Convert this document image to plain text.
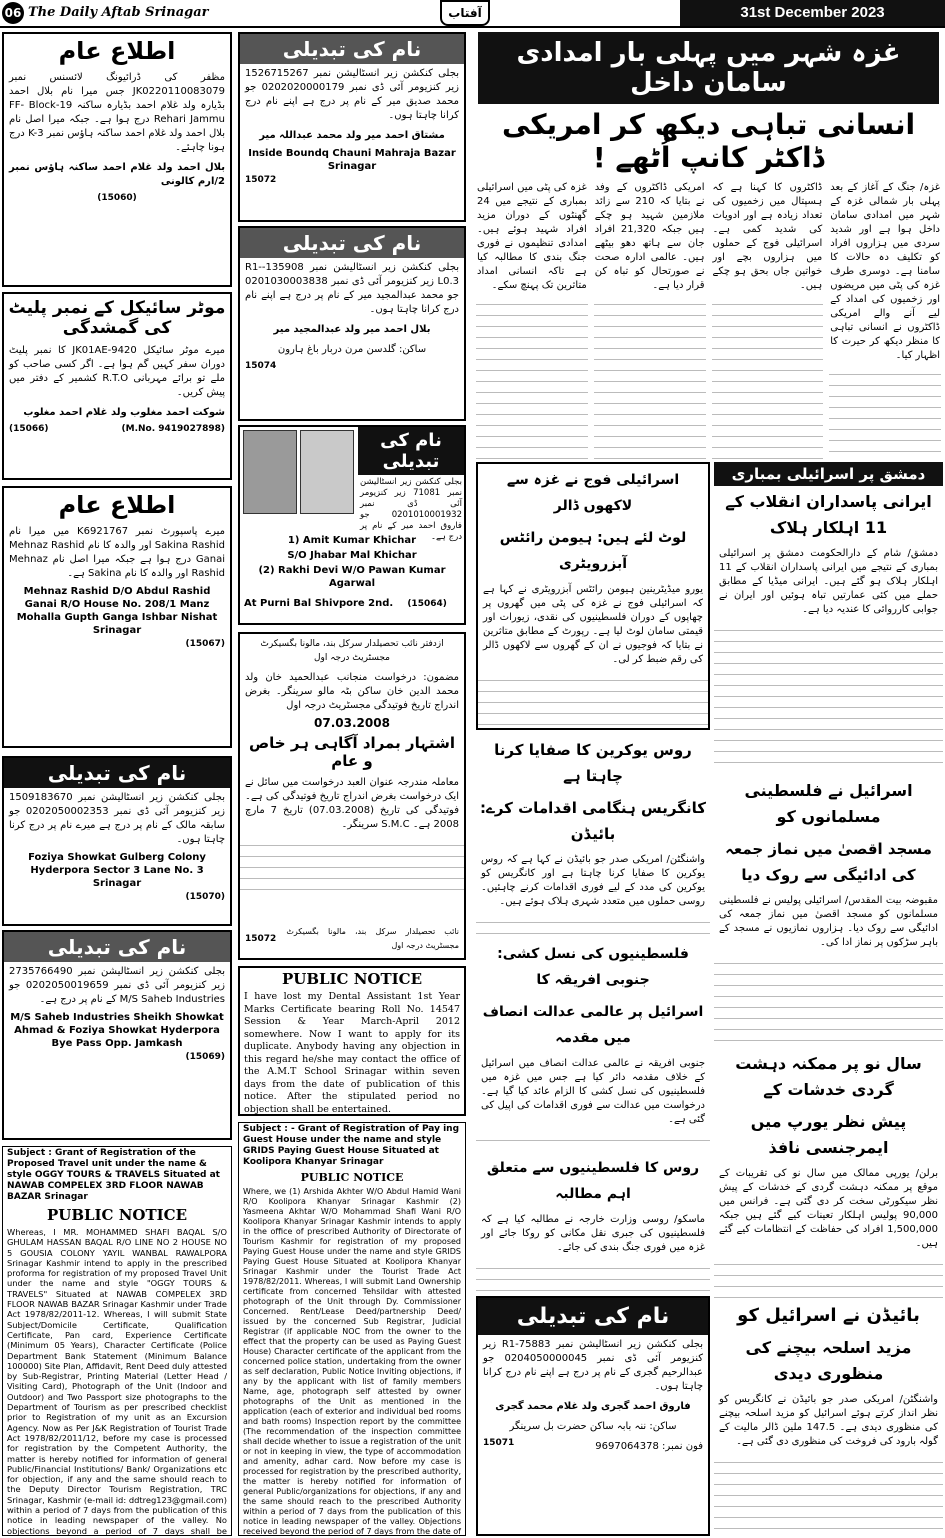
06 The Daily Aftab Srinagar	آفتاب	31st December 2023
اطلاع عام
مظفر کی ڈرائیونگ لائسنس نمبر JK0220110083079 جس میرا نام بلال احمد بڈیارہ ولد غلام احمد بڈیارہ ساکنہ 19-FF- Block Rehari Jammu درج ہوا ہے۔ جبکہ میرا اصل نام بلال احمد ولد غلام احمد ساکنہ ہاؤس نمبر K-3 درج ہونا چاہئے۔
بلال احمد ولد غلام احمد ساکنہ ہاؤس نمبر 2/ارم کالونی
(15060)
موٹر سائیکل کے نمبر پلیٹ کی گمشدگی
میرے موٹر سائیکل JK01AE-9420 کا نمبر پلیٹ دوران سفر کہیں گم ہوا ہے۔ اگر کسی صاحب کو ملے تو برائے مہربانی R.T.O کشمیر کے دفتر میں پیش کریں۔
شوکت احمد مغلوب ولد غلام احمد مغلوب
(15066)	(M.No. 9419027898)
اطلاع عام
میرے پاسپورٹ نمبر K6921767 میں میرا نام Sakina Rashid اور والدہ کا نام Mehnaz Rashid Ganai درج ہوا ہے جبکہ میرا اصل نام Mehnaz Rashid اور والدہ کا نام Sakina ہے۔
Mehnaz Rashid D/O Abdul Rashid Ganai R/O House No. 208/1 Manz Mohalla Gupth Ganga Ishbar Nishat Srinagar
(15067)
نام کی تبدیلی
بجلی کنکشن زیر انسٹالیشن نمبر 1509183670 زیر کنزیومر آئی ڈی نمبر 0202050002353 جو سابقہ مالک کے نام پر درج ہے میرے نام پر درج کرنا چاہتا ہوں۔
Foziya Showkat Gulberg Colony Hyderpora Sector 3 Lane No. 3 Srinagar
(15070)
نام کی تبدیلی
بجلی کنکشن زیر انسٹالیشن نمبر 2735766490 زیر کنزیومر آئی ڈی نمبر 0202050019659 جو M/S Saheb Industries کے نام پر درج ہے۔
M/S Saheb Industries Sheikh Showkat Ahmad & Foziya Showkat Hyderpora Bye Pass Opp. Jamkash
(15069)
Subject : Grant of Registration of the Proposed Travel unit under the name & style OGGY TOURS & TRAVELS Situated at NAWAB COMPELEX 3RD FLOOR NAWAB BAZAR Srinagar
PUBLIC NOTICE
Whereas, I MR. MOHAMMED SHAFI BAQAL S/O GHULAM HASSAN BAQAL R/O LINE NO 2 HOUSE NO 5 GOUSIA COLONY YAYIL WANBAL RAWALPORA Srinagar Kashmir intend to apply in the prescribed proforma for registration of my proposed Travel Unit under the name and style "OGGY TOURS & TRAVELS" Situated at NAWAB COMPELEX 3RD FLOOR NAWAB BAZAR Srinagar Kashmir under Trade Act 1978/82/2011-12. Whereas, I will submit State Subject/Domicile Certificate, Qualification Certificate, Pan card, Experience Certificate (Minimum 05 Years), Character Certificate (Police Department Bank Statement (Minimum Balance 100000) Site Plan, Affidavit, Rent Deed duly attested by Sub-Registrar, Printing Material (Letter Head / Visiting Card), Photograph of the Unit (Indoor and Outdoor) and Two Passport size photographs to the Department of Tourism as per prescribed checklist prior to Registration of my unit as an Excursion Agency. Now as Per J&K Registration of Tourist Trade Act 1978/82/2011/12, before my case is processed for registration by the Competent Authority, the matter is hereby notified for information of general Public/Financial Institutions/ Bank/ Organizations etc for objection, if any and the same should reach to the Deputy Director Tourism Registration, TRC Srinagar, Kashmir (e-mail id: ddtreg123@gmail.com) within a period of 7 days from the publication of this notice in leading newspaper of the valley. No objections beyond a period of 7 days shall be
نام کی تبدیلی
بجلی کنکشن زیر انسٹالیشن نمبر 1526715267 زیر کنزیومر آئی ڈی نمبر 0202020000179 جو محمد صدیق میر کے نام پر درج ہے اپنے نام درج کرانا چاہتا ہوں۔
مشتاق احمد میر ولد محمد عبداللہ میر
Inside Boundq Chauni Mahraja Bazar Srinagar
15072
نام کی تبدیلی
بجلی کنکشن زیر انسٹالیشن نمبر 135908-R1-L0.3 زیر کنزیومر آئی ڈی نمبر 0201030003838 جو محمد عبدالمجید میر کے نام پر درج ہے اپنے نام درج کرانا چاہتا ہوں۔
بلال احمد میر ولد عبدالمجید میر
ساکن: گلدسن مرن دربار باغ ہارون
15074
نام کی تبدیلی
بجلی کنکشن زیر انسٹالیشن نمبر 71081 زیر کنزیومر آئی ڈی نمبر 0201010001932 جو فاروق احمد میر کے نام پر درج ہے۔
1) Amit Kumar Khichar
S/O Jhabar Mal Khichar
(2) Rakhi Devi W/O Pawan Kumar Agarwal
At Purni Bal Shivpore 2nd. (15064)
ازدفتر نائب تحصیلدار سرکل بند، مالونا بگسیکرٹ مجسٹریٹ درجہ اول
مضمون: درخواست منجانب عبدالحمید خان ولد محمد الدین خان ساکن بٹہ مالو سرینگر۔ بغرض اندراج تاریخ فوتیدگی مجسٹریٹ درجہ اول
07.03.2008
اشتہار بمراد آگاہی ہر خاص و عام
معاملہ مندرجہ عنوان العبد درخواست میں سائل نے ایک درخواست بغرض اندراج تاریخ فوتیدگی کی ہے۔ فوتیدگی کی تاریخ (07.03.2008) تاریخ 7 مارچ 2008 ہے۔ S.M.C سرینگر۔
15072
نائب تحصیلدار سرکل بند، مالونا بگسیکرٹ مجسٹریٹ درجہ اول
PUBLIC NOTICE
I have lost my Dental Assistant 1st Year Marks Certificate bearing Roll No. 14547 Session & Year March-April 2012 somewhere. Now I want to apply for its duplicate. Anybody having any objection in this regard he/she may contact the office of the A.M.T School Srinagar within seven days from the date of publication of this notice. After the stipulated period no objection shall be entertained.
Subject : - Grant of Registration of Pay ing Guest House under the name and style GRIDS Paying Guest House Situated at Koolipora Khanyar Srinagar
PUBLIC NOTICE
Where, we (1) Arshida Akhter W/O Abdul Hamid Wani R/O Koolipora Khanyar Srinagar Kashmir (2) Yasmeena Akhtar W/O Mohammad Shafi Wani R/O Koolipora Khanyar Srinagar Kashmir intends to apply in the office of prescribed Authority of Directorate of Tourism Kashmir for registration of my proposed Paying Guest House under the name and style GRIDS Paying Guest House Situated at Koolipora Khanyar Srinagar Kashmir under the Tourist Trade Act 1978/82/2011. Whereas, I will submit Land Ownership certificate from concerned Tehsildar with attested photograph of the Unit through Dy. Commissioner Concerned. Rent/Lease Deed/partnership Deed/ issued by the concerned Sub Registrar, Judicial Registrar (if applicable NOC from the owner to the effect that the property can be used as Paying Guest House) Character certificate of the applicant from the concerned police station, undertaking from the owner as self declaration, Public Notice Inviting objections, if any by the applicant with list of family members Name, age, photograph self attested by owner photographs of the Unit as mentioned in the application (each of exterior and individual bed rooms and bath rooms) Inspection report by the committee (The recommendation of the inspection committee shall decide whether to issue a registration of the unit or not in keeping in view, the type of accommodation and amenity, adhar card. Now before my case is processed for registration by the prescribed authority, the matter is hereby notified for information of general Public/organizations for objections, if any and the same should reach to the prescribed Authority within a period of 7 days from the publication of this notice in leading newspaper of the valley. Objections received beyond the period of 7 days from the date of
غزہ شہر میں پہلی بار امدادی سامان داخل
انسانی تباہی دیکھ کر امریکی ڈاکٹر کانپ اُٹھے !
غزہ/ جنگ کے آغاز کے بعد پہلی بار شمالی غزہ کے شہر میں امدادی سامان داخل ہوا ہے اور شدید سردی میں ہزاروں افراد کو تکلیف دہ حالات کا سامنا ہے۔ دوسری طرف غزہ کی پٹی میں مریضوں اور زخمیوں کی امداد کے لیے آنے والے امریکی ڈاکٹروں نے انسانی تباہی کا منظر دیکھ کر حیرت کا اظہار کیا۔
ڈاکٹروں کا کہنا ہے کہ ہسپتال میں زخمیوں کی تعداد زیادہ ہے اور ادویات کی شدید کمی ہے۔ اسرائیلی فوج کے حملوں میں ہزاروں بچے اور خواتین جاں بحق ہو چکے ہیں۔
امریکی ڈاکٹروں کے وفد نے بتایا کہ 210 سے زائد ملازمین شہید ہو چکے ہیں جبکہ 21,320 افراد جان سے ہاتھ دھو بیٹھے ہیں۔ عالمی ادارہ صحت نے صورتحال کو تباہ کن قرار دیا ہے۔
غزہ کی پٹی میں اسرائیلی بمباری کے نتیجے میں 24 گھنٹوں کے دوران مزید افراد شہید ہوئے ہیں۔ امدادی تنظیموں نے فوری جنگ بندی کا مطالبہ کیا ہے تاکہ انسانی امداد متاثرین تک پہنچ سکے۔
دمشق پر اسرائیلی بمباری
ایرانی پاسداران انقلاب کے 11 اہلکار ہلاک
دمشق/ شام کے دارالحکومت دمشق پر اسرائیلی بمباری کے نتیجے میں ایرانی پاسداران انقلاب کے 11 اہلکار ہلاک ہو گئے ہیں۔ ایرانی میڈیا کے مطابق حملے میں کئی عمارتیں تباہ ہوئیں اور ایران نے جوابی کارروائی کا عندیہ دیا ہے۔
اسرائیل نے فلسطینی مسلمانوں کو
مسجد اقصیٰ میں نماز جمعہ کی ادائیگی سے روک دیا
مقبوضہ بیت المقدس/ اسرائیلی پولیس نے فلسطینی مسلمانوں کو مسجد اقصیٰ میں نماز جمعہ کی ادائیگی سے روک دیا۔ ہزاروں نمازیوں نے مسجد کے باہر سڑکوں پر نماز ادا کی۔
سال نو پر ممکنہ دہشت گردی خدشات کے
پیش نظر یورپ میں ایمرجنسی نافذ
برلن/ یورپی ممالک میں سال نو کی تقریبات کے موقع پر ممکنہ دہشت گردی کے خدشات کے پیش نظر سیکورٹی سخت کر دی گئی ہے۔ فرانس میں 90,000 پولیس اہلکار تعینات کیے گئے ہیں جبکہ 1,500,000 افراد کی حفاظت کے انتظامات کیے گئے ہیں۔
بائیڈن نے اسرائیل کو
مزید اسلحہ بیچنے کی منظوری دیدی
واشنگٹن/ امریکی صدر جو بائیڈن نے کانگریس کو نظر انداز کرتے ہوئے اسرائیل کو مزید اسلحہ بیچنے کی منظوری دیدی ہے۔ 147.5 ملین ڈالر مالیت کے گولہ بارود کی فروخت کی منظوری دی گئی ہے۔
اسرائیلی فوج نے غزہ سے لاکھوں ڈالر
لوٹ لئے ہیں: ہیومن رائٹس آبزرویٹری
یورو میڈیٹرینین ہیومن رائٹس آبزرویٹری نے کہا ہے کہ اسرائیلی فوج نے غزہ کی پٹی میں گھروں پر چھاپوں کے دوران فلسطینیوں کی نقدی، زیورات اور قیمتی سامان لوٹ لیا ہے۔ رپورٹ کے مطابق متاثرین نے بتایا کہ فوجیوں نے ان کے گھروں سے لاکھوں ڈالر کی رقم ضبط کر لی۔
روس یوکرین کا صفایا کرنا چاہتا ہے
کانگریس ہنگامی اقدامات کرے: بائیڈن
واشنگٹن/ امریکی صدر جو بائیڈن نے کہا ہے کہ روس یوکرین کا صفایا کرنا چاہتا ہے اور کانگریس کو یوکرین کی مدد کے لیے فوری اقدامات کرنے چاہئیں۔ روسی حملوں میں متعدد شہری ہلاک ہوئے ہیں۔
فلسطینیوں کی نسل کشی: جنوبی افریقہ کا
اسرائیل پر عالمی عدالت انصاف میں مقدمہ
جنوبی افریقہ نے عالمی عدالت انصاف میں اسرائیل کے خلاف مقدمہ دائر کیا ہے جس میں غزہ میں فلسطینیوں کی نسل کشی کا الزام عائد کیا گیا ہے۔ درخواست میں عدالت سے فوری اقدامات کی اپیل کی گئی ہے۔
روس کا فلسطینیوں سے متعلق اہم مطالبہ
ماسکو/ روسی وزارت خارجہ نے مطالبہ کیا ہے کہ فلسطینیوں کی جبری نقل مکانی کو روکا جائے اور غزہ میں فوری جنگ بندی کی جائے۔
نام کی تبدیلی
بجلی کنکشن زیر انسٹالیشن نمبر 75883-R1 زیر کنزیومر آئی ڈی نمبر 0204050000045 جو عبدالرحیم گجری کے نام پر درج ہے اپنے نام درج کرانا چاہتا ہوں۔
فاروق احمد گجری ولد غلام محمد گجری
ساکن: ننہ بابہ ساکن حضرت بل سرینگر
15071	فون نمبر: 9697064378
